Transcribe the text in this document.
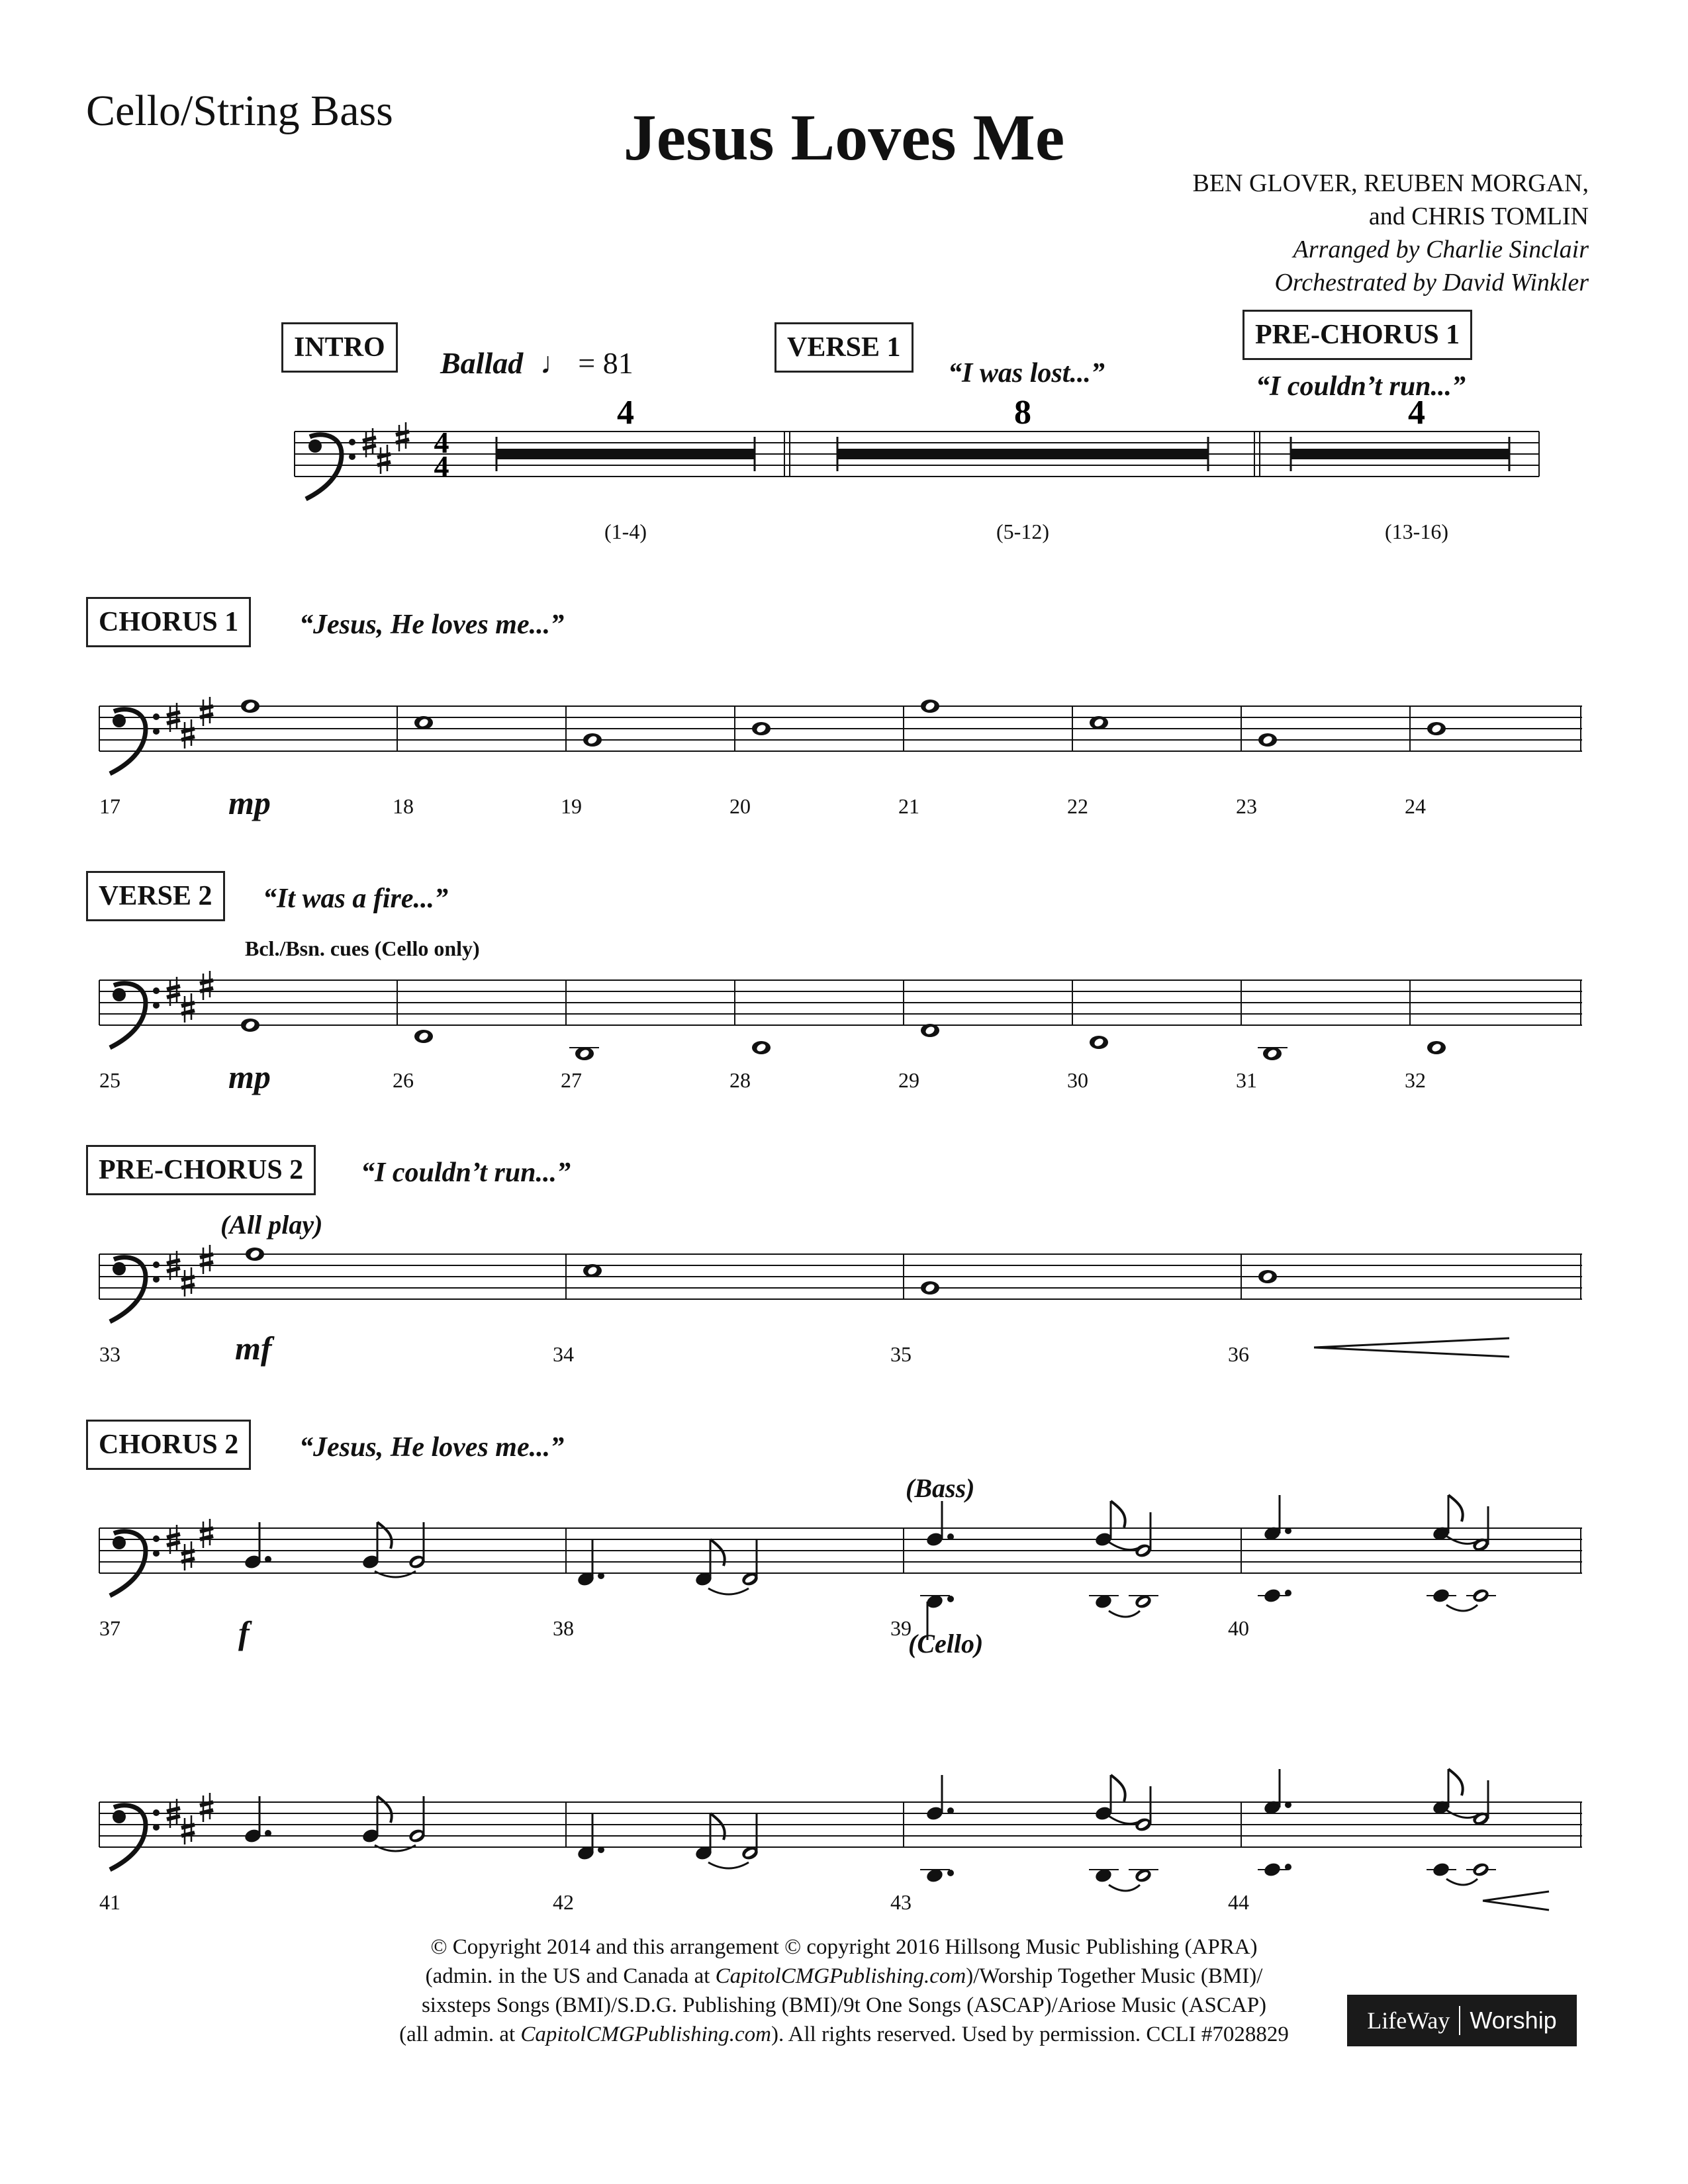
Cello/String Bass	Jesus Loves Me
BEN GLOVER, REUBEN MORGAN,
and CHRIS TOMLIN
Arranged by Charlie Sinclair
Orchestrated by David Winkler
INTRO	Ballad ♩ = 81	VERSE 1
“I was lost...”
PRE-CHORUS 1
“I couldn’t run...”
(1-4)	(5-12)	(13-16)
CHORUS 1	“Jesus, He loves me...”
mp
17	18	19	20	21	22	23	24
VERSE 2	“It was a fire...”
Bcl./Bsn. cues (Cello only)
mp
25	26	27	28	29	30	31	32
PRE-CHORUS 2	“I couldn’t run...”
(All play)
mf
33	34	35	36
CHORUS 2	“Jesus, He loves me...”
(Bass)
(Cello)
f
37	38	39	40
41	42	43	44
4
4
4	8	4
© Copyright 2014 and this arrangement © copyright 2016 Hillsong Music Publishing (APRA)
(admin. in the US and Canada at CapitolCMGPublishing.com)/Worship Together Music (BMI)/
sixsteps Songs (BMI)/S.D.G. Publishing (BMI)/9t One Songs (ASCAP)/Ariose Music (ASCAP)
(all admin. at CapitolCMGPublishing.com). All rights reserved. Used by permission. CCLI #7028829
LifeWay Worship
